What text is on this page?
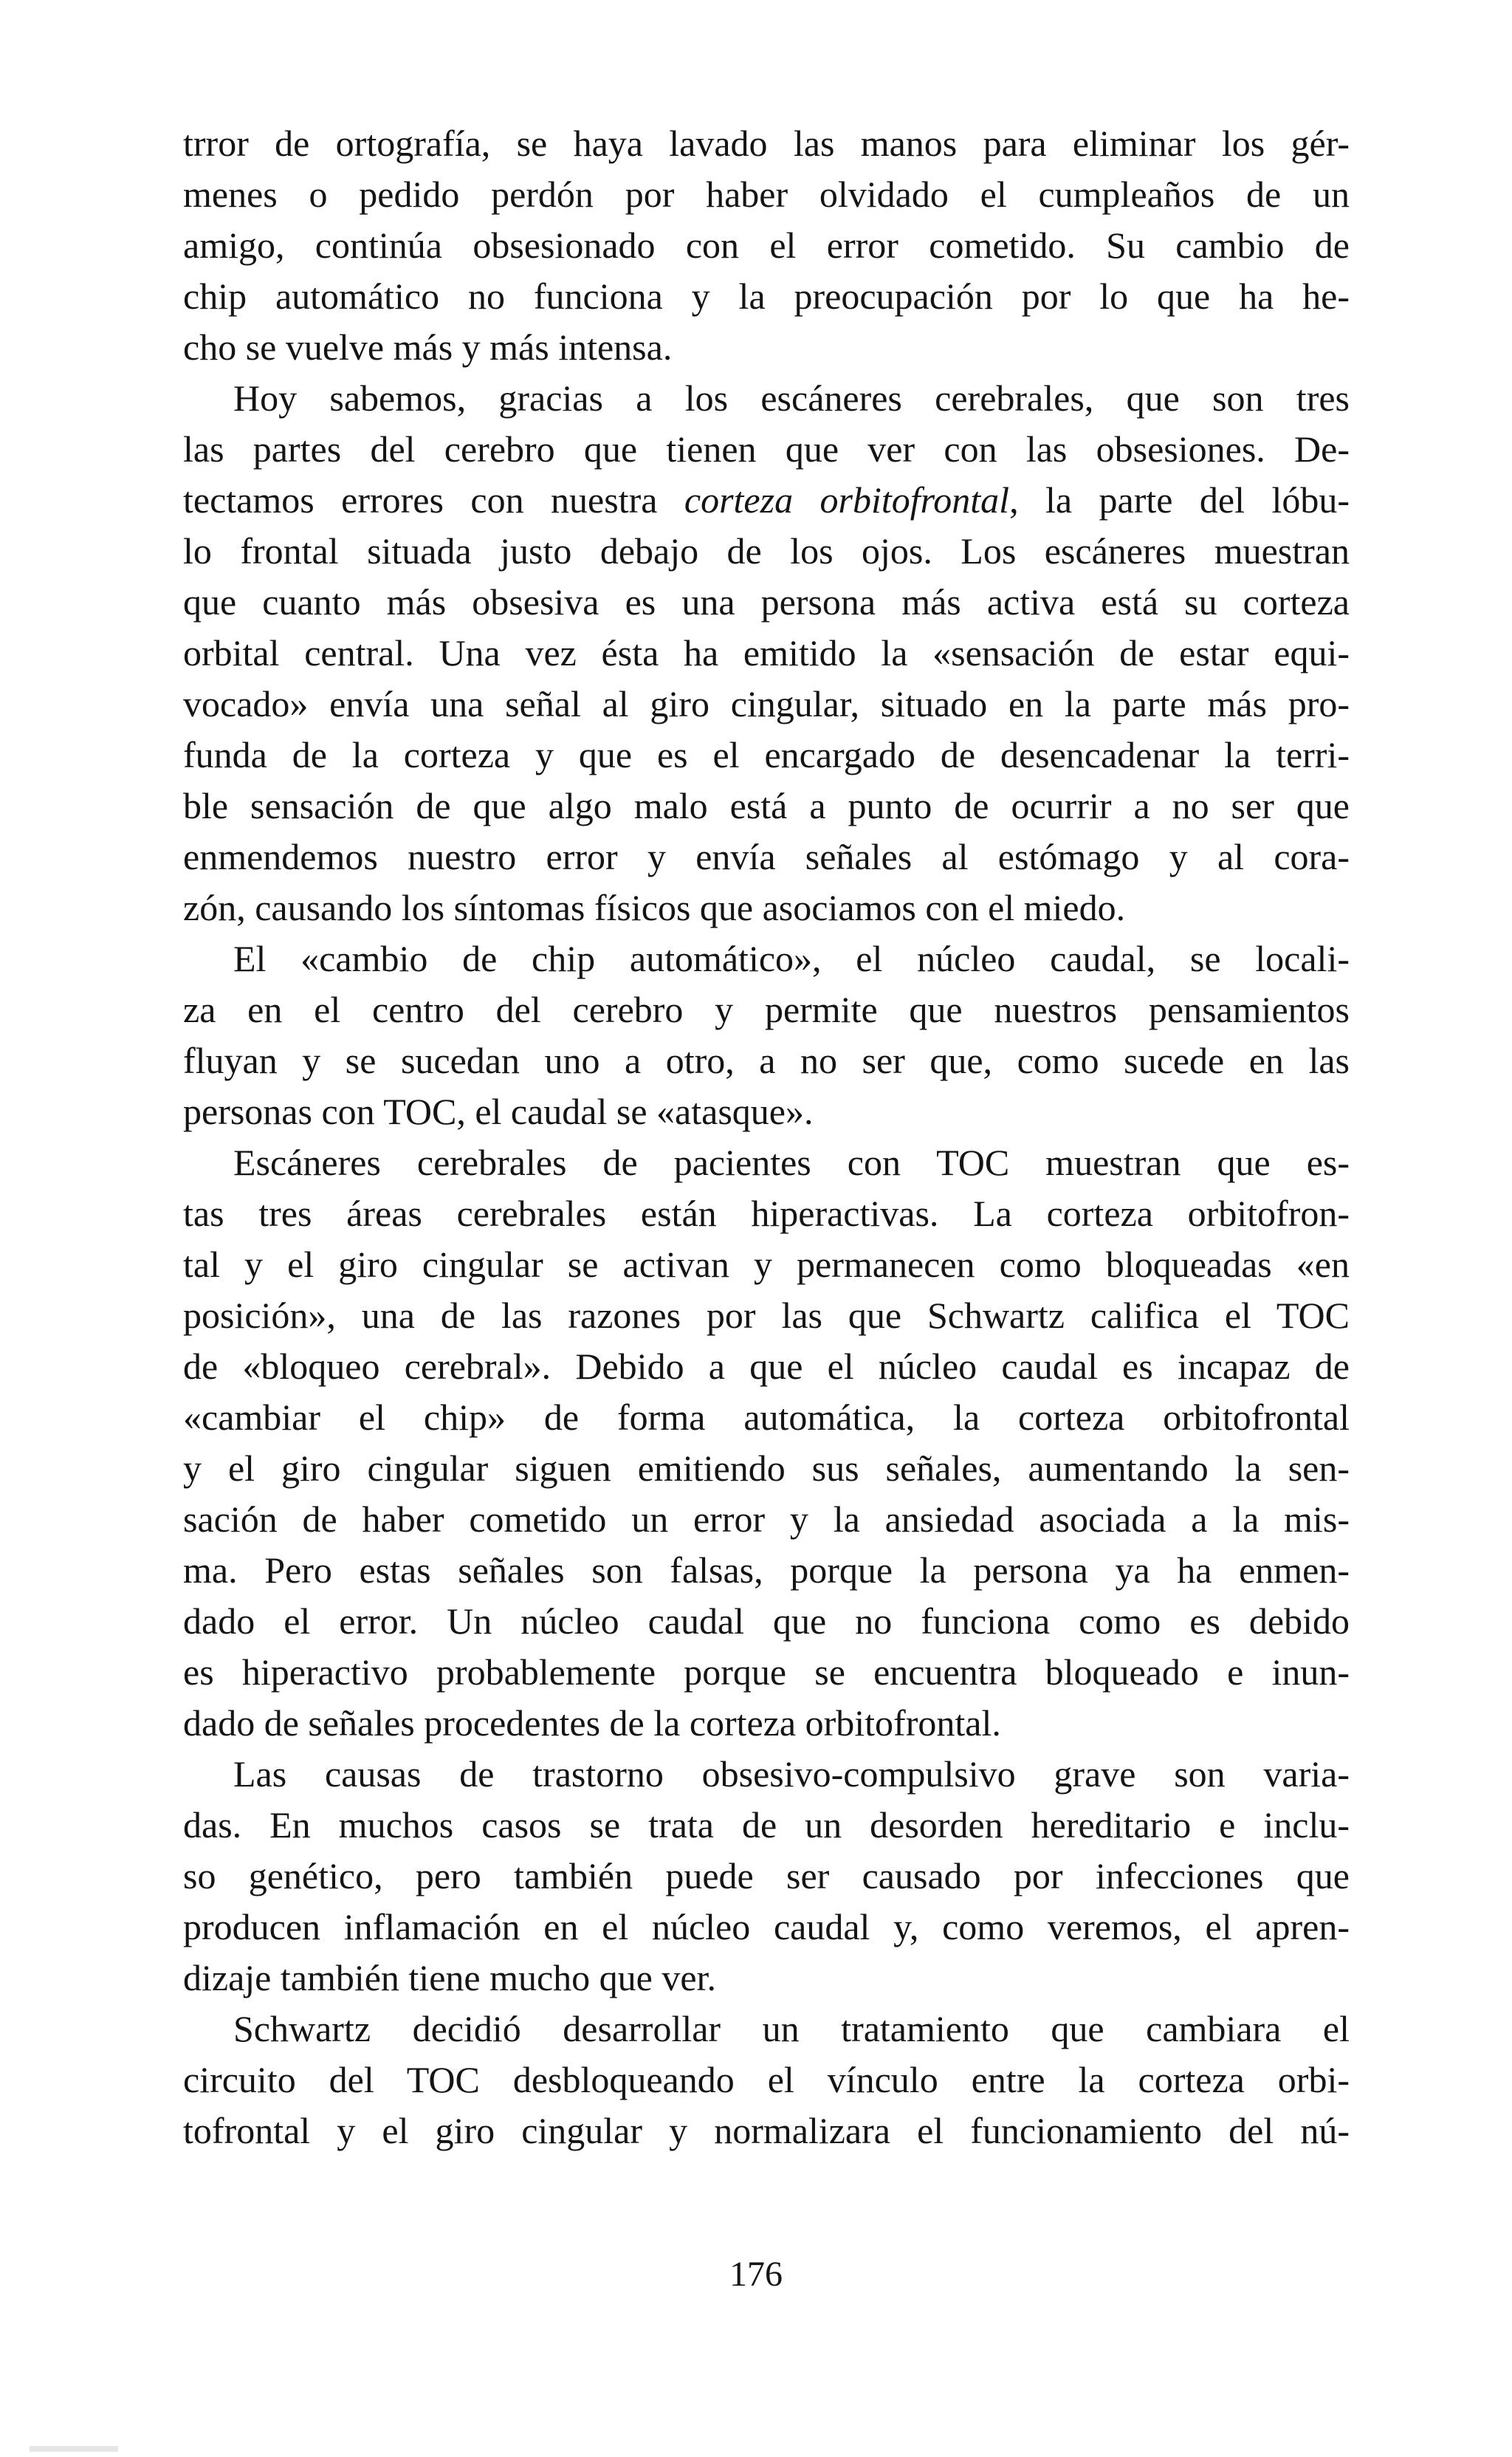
trror de ortografía, se haya lavado las manos para eliminar los gér-
menes o pedido perdón por haber olvidado el cumpleaños de un
amigo, continúa obsesionado con el error cometido. Su cambio de
chip automático no funciona y la preocupación por lo que ha he-
cho se vuelve más y más intensa.
Hoy sabemos, gracias a los escáneres cerebrales, que son tres
las partes del cerebro que tienen que ver con las obsesiones. De-
tectamos errores con nuestra corteza orbitofrontal, la parte del lóbu-
lo frontal situada justo debajo de los ojos. Los escáneres muestran
que cuanto más obsesiva es una persona más activa está su corteza
orbital central. Una vez ésta ha emitido la «sensación de estar equi-
vocado» envía una señal al giro cingular, situado en la parte más pro-
funda de la corteza y que es el encargado de desencadenar la terri-
ble sensación de que algo malo está a punto de ocurrir a no ser que
enmendemos nuestro error y envía señales al estómago y al cora-
zón, causando los síntomas físicos que asociamos con el miedo.
El «cambio de chip automático», el núcleo caudal, se locali-
za en el centro del cerebro y permite que nuestros pensamientos
fluyan y se sucedan uno a otro, a no ser que, como sucede en las
personas con TOC, el caudal se «atasque».
Escáneres cerebrales de pacientes con TOC muestran que es-
tas tres áreas cerebrales están hiperactivas. La corteza orbitofron-
tal y el giro cingular se activan y permanecen como bloqueadas «en
posición», una de las razones por las que Schwartz califica el TOC
de «bloqueo cerebral». Debido a que el núcleo caudal es incapaz de
«cambiar el chip» de forma automática, la corteza orbitofrontal
y el giro cingular siguen emitiendo sus señales, aumentando la sen-
sación de haber cometido un error y la ansiedad asociada a la mis-
ma. Pero estas señales son falsas, porque la persona ya ha enmen-
dado el error. Un núcleo caudal que no funciona como es debido
es hiperactivo probablemente porque se encuentra bloqueado e inun-
dado de señales procedentes de la corteza orbitofrontal.
Las causas de trastorno obsesivo-compulsivo grave son varia-
das. En muchos casos se trata de un desorden hereditario e inclu-
so genético, pero también puede ser causado por infecciones que
producen inflamación en el núcleo caudal y, como veremos, el apren-
dizaje también tiene mucho que ver.
Schwartz decidió desarrollar un tratamiento que cambiara el
circuito del TOC desbloqueando el vínculo entre la corteza orbi-
tofrontal y el giro cingular y normalizara el funcionamiento del nú-
176
